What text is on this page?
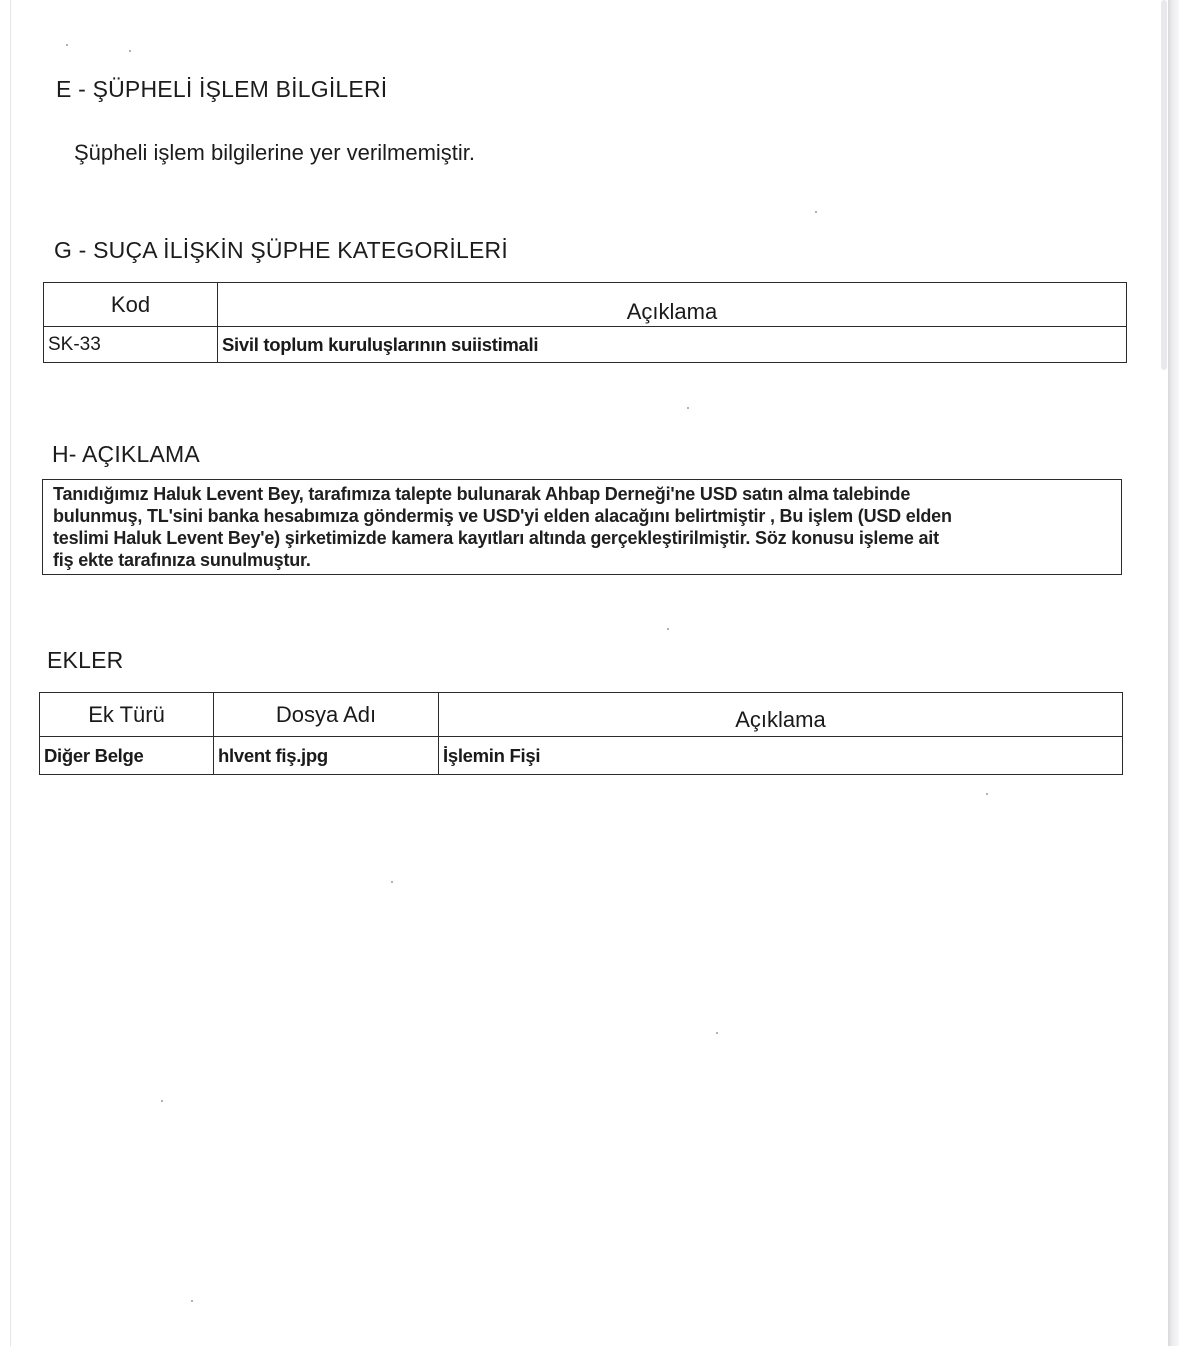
E - ŞÜPHELİ İŞLEM BİLGİLERİ
Şüpheli işlem bilgilerine yer verilmemiştir.
G - SUÇA İLİŞKİN ŞÜPHE KATEGORİLERİ
Kod	Açıklama
SK-33	Sivil toplum kuruluşlarının suiistimali
H- AÇIKLAMA
Tanıdığımız Haluk Levent Bey, tarafımıza talepte bulunarak Ahbap Derneği'ne USD satın alma talebinde
bulunmuş, TL'sini banka hesabımıza göndermiş ve USD'yi elden alacağını belirtmiştir , Bu işlem (USD elden
teslimi Haluk Levent Bey'e) şirketimizde kamera kayıtları altında gerçekleştirilmiştir. Söz konusu işleme ait
fiş ekte tarafınıza sunulmuştur.
EKLER
Ek Türü	Dosya Adı	Açıklama
Diğer Belge	hlvent fiş.jpg	İşlemin Fişi
